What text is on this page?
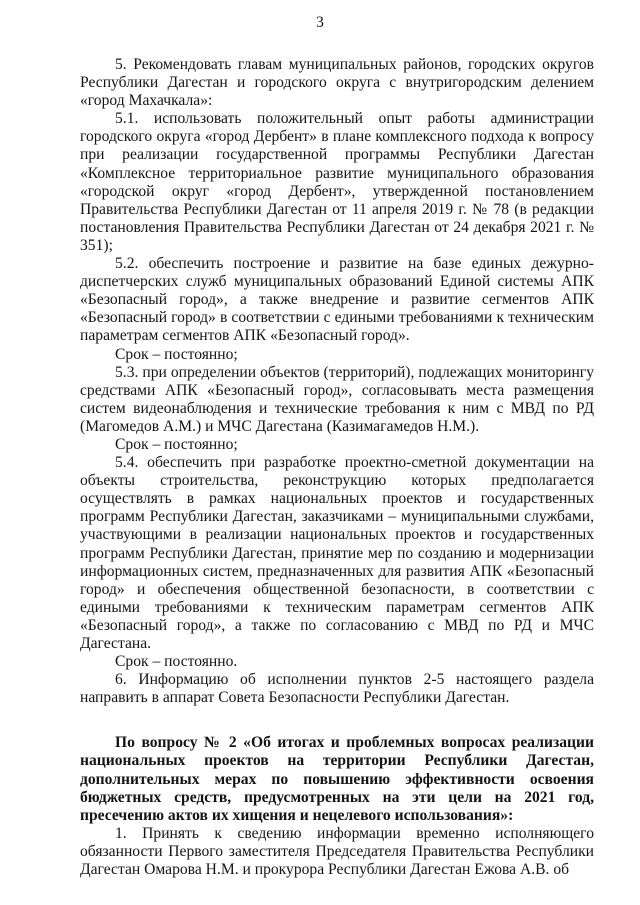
3

5. Рекомендовать главам муниципальных районов, городских округов Республики Дагестан и городского округа с внутригородским делением «город Махачкала»:

5.1. использовать положительный опыт работы администрации городского округа «город Дербент» в плане комплексного подхода к вопросу при реализации государственной программы Республики Дагестан «Комплексное территориальное развитие муниципального образования «городской округ «город Дербент», утвержденной постановлением Правительства Республики Дагестан от 11 апреля 2019 г. № 78 (в редакции постановления Правительства Республики Дагестан от 24 декабря 2021 г. № 351);

5.2. обеспечить построение и развитие на базе единых дежурно-диспетчерских служб муниципальных образований Единой системы АПК «Безопасный город», а также внедрение и развитие сегментов АПК «Безопасный город» в соответствии с едиными требованиями к техническим параметрам сегментов АПК «Безопасный город».

Срок – постоянно;

5.3. при определении объектов (территорий), подлежащих мониторингу средствами АПК «Безопасный город», согласовывать места размещения систем видеонаблюдения и технические требования к ним с МВД по РД (Магомедов А.М.) и МЧС Дагестана (Казимагамедов Н.М.).

Срок – постоянно;

5.4. обеспечить при разработке проектно-сметной документации на объекты строительства, реконструкцию которых предполагается осуществлять в рамках национальных проектов и государственных программ Республики Дагестан, заказчиками – муниципальными службами, участвующими в реализации национальных проектов и государственных программ Республики Дагестан, принятие мер по созданию и модернизации информационных систем, предназначенных для развития АПК «Безопасный город» и обеспечения общественной безопасности, в соответствии с едиными требованиями к техническим параметрам сегментов АПК «Безопасный город», а также по согласованию с МВД по РД и МЧС Дагестана.

Срок – постоянно.

6. Информацию об исполнении пунктов 2-5 настоящего раздела направить в аппарат Совета Безопасности Республики Дагестан.

По вопросу № 2 «Об итогах и проблемных вопросах реализации национальных проектов на территории Республики Дагестан, дополнительных мерах по повышению эффективности освоения бюджетных средств, предусмотренных на эти цели на 2021 год, пресечению актов их хищения и нецелевого использования»:

1. Принять к сведению информации временно исполняющего обязанности Первого заместителя Председателя Правительства Республики Дагестан Омарова Н.М. и прокурора Республики Дагестан Ежова А.В. об
